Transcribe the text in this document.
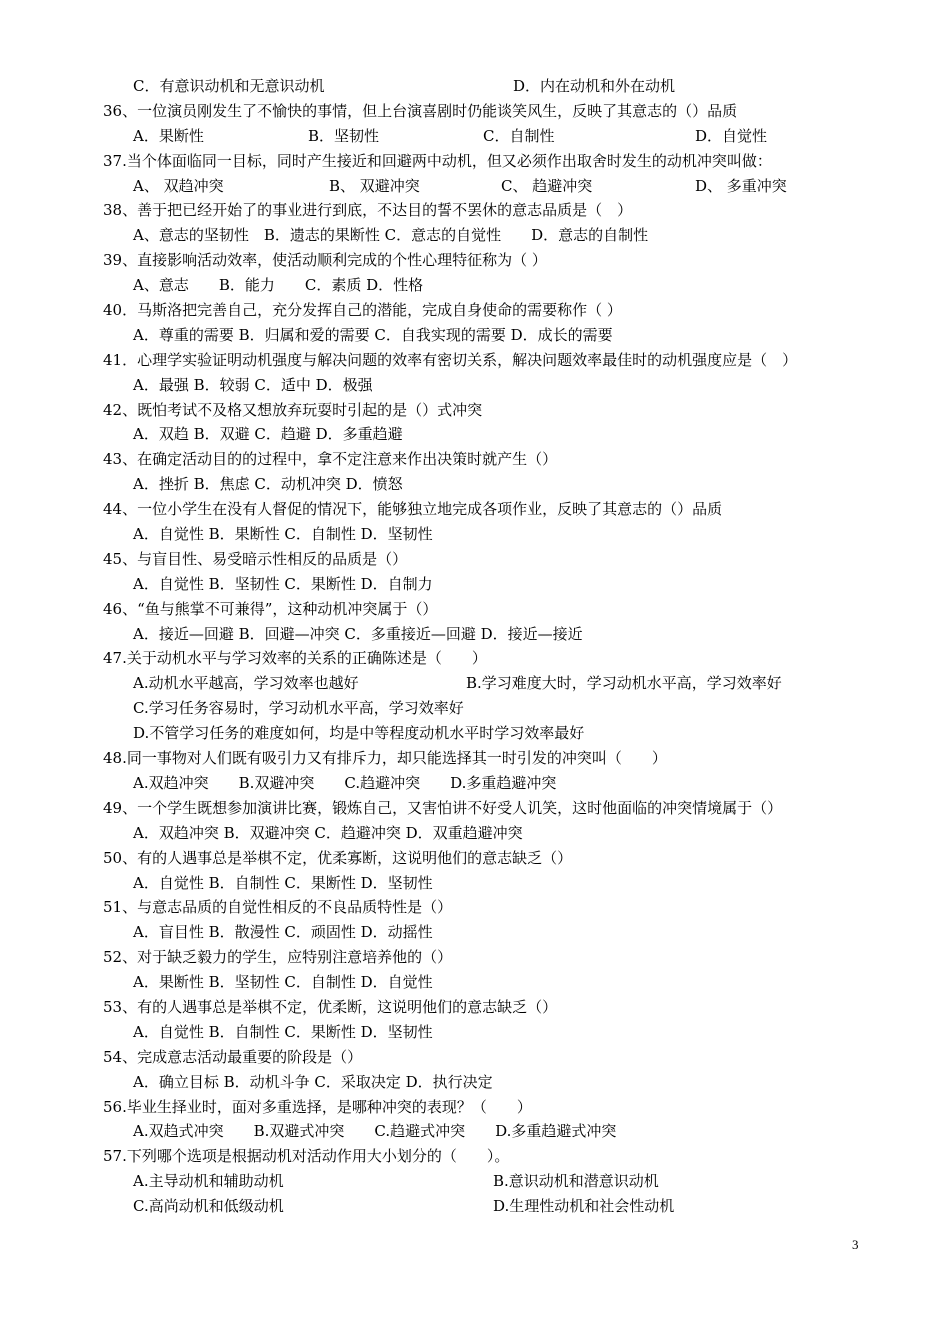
C．有意识动机和无意识动机	D．内在动机和外在动机
36、一位演员刚发生了不愉快的事情，但上台演喜剧时仍能谈笑风生，反映了其意志的（）品质
A．果断性	B．坚韧性	C．自制性	D．自觉性
37.当个体面临同一目标，同时产生接近和回避两中动机，但又必须作出取舍时发生的动机冲突叫做：
A、 双趋冲突	B、 双避冲突	C、 趋避冲突	D、 多重冲突
38、善于把已经开始了的事业进行到底，不达目的誓不罢休的意志品质是（　）
A、意志的坚韧性　B．遗志的果断性 C．意志的自觉性　　D．意志的自制性
39、直接影响活动效率，使活动顺利完成的个性心理特征称为（ ）
A、意志　　B．能力　　C．素质 D．性格
40．马斯洛把完善自己，充分发挥自己的潜能，完成自身使命的需要称作（ ）
A．尊重的需要 B．归属和爱的需要 C．自我实现的需要 D．成长的需要
41．心理学实验证明动机强度与解决问题的效率有密切关系，解决问题效率最佳时的动机强度应是（　）
A．最强 B．较弱 C．适中 D．极强
42、既怕考试不及格又想放弃玩耍时引起的是（）式冲突
A．双趋 B．双避 C．趋避 D．多重趋避
43、在确定活动目的的过程中，拿不定注意来作出决策时就产生（）
A．挫折 B．焦虑 C．动机冲突 D．愤怒
44、一位小学生在没有人督促的情况下，能够独立地完成各项作业，反映了其意志的（）品质
A．自觉性 B．果断性 C．自制性 D．坚韧性
45、与盲目性、易受暗示性相反的品质是（）
A．自觉性 B．坚韧性 C．果断性 D．自制力
46、“鱼与熊掌不可兼得”，这种动机冲突属于（）
A．接近—回避 B．回避—冲突 C．多重接近—回避 D．接近—接近
47.关于动机水平与学习效率的关系的正确陈述是（　　）
A.动机水平越高，学习效率也越好	B.学习难度大时，学习动机水平高，学习效率好
C.学习任务容易时，学习动机水平高，学习效率好
D.不管学习任务的难度如何，均是中等程度动机水平时学习效率最好
48.同一事物对人们既有吸引力又有排斥力，却只能选择其一时引发的冲突叫（　　）
A.双趋冲突　　B.双避冲突　　C.趋避冲突　　D.多重趋避冲突
49、一个学生既想参加演讲比赛，锻炼自己，又害怕讲不好受人讥笑，这时他面临的冲突情境属于（）
A．双趋冲突 B．双避冲突 C．趋避冲突 D．双重趋避冲突
50、有的人遇事总是举棋不定，优柔寡断，这说明他们的意志缺乏（）
A．自觉性 B．自制性 C．果断性 D．坚韧性
51、与意志品质的自觉性相反的不良品质特性是（）
A．盲目性 B．散漫性 C．顽固性 D．动摇性
52、对于缺乏毅力的学生，应特别注意培养他的（）
A．果断性 B．坚韧性 C．自制性 D．自觉性
53、有的人遇事总是举棋不定，优柔断，这说明他们的意志缺乏（）
A．自觉性 B．自制性 C．果断性 D．坚韧性
54、完成意志活动最重要的阶段是（）
A．确立目标 B．动机斗争 C．采取决定 D．执行决定
56.毕业生择业时，面对多重选择，是哪种冲突的表现？（　　）
A.双趋式冲突　　B.双避式冲突　　C.趋避式冲突　　D.多重趋避式冲突
57.下列哪个选项是根据动机对活动作用大小划分的（　　）。
A.主导动机和辅助动机	B.意识动机和潜意识动机
C.高尚动机和低级动机	D.生理性动机和社会性动机
3
